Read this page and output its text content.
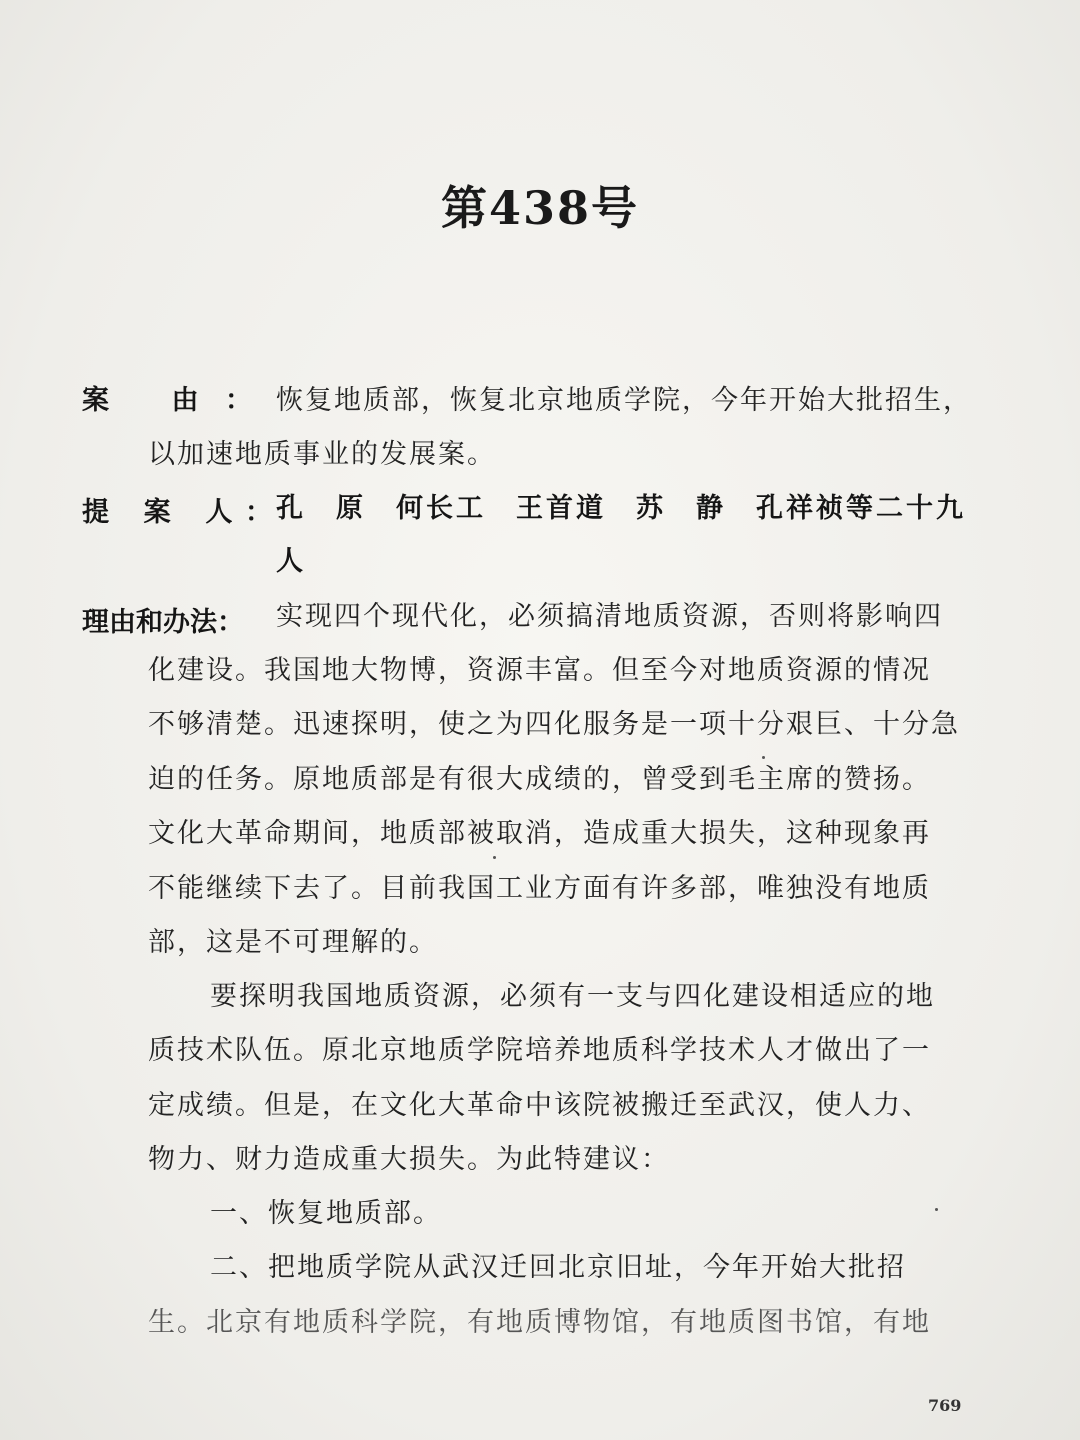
第438号
案 由： 恢复地质部，恢复北京地质学院，今年开始大批招生，
以加速地质事业的发展案。
提 案 人： 孔　原　何长工　王首道　苏　静　孔祥祯等二十九
人
理由和办法： 实现四个现代化，必须搞清地质资源，否则将影响四
化建设。我国地大物博，资源丰富。但至今对地质资源的情况
不够清楚。迅速探明，使之为四化服务是一项十分艰巨、十分急
迫的任务。原地质部是有很大成绩的，曾受到毛主席的赞扬。
文化大革命期间，地质部被取消，造成重大损失，这种现象再
不能继续下去了。目前我国工业方面有许多部，唯独没有地质
部，这是不可理解的。
要探明我国地质资源，必须有一支与四化建设相适应的地
质技术队伍。原北京地质学院培养地质科学技术人才做出了一
定成绩。但是，在文化大革命中该院被搬迁至武汉，使人力、
物力、财力造成重大损失。为此特建议：
一、恢复地质部。
二、把地质学院从武汉迁回北京旧址，今年开始大批招
生。北京有地质科学院，有地质博物馆，有地质图书馆，有地
769
